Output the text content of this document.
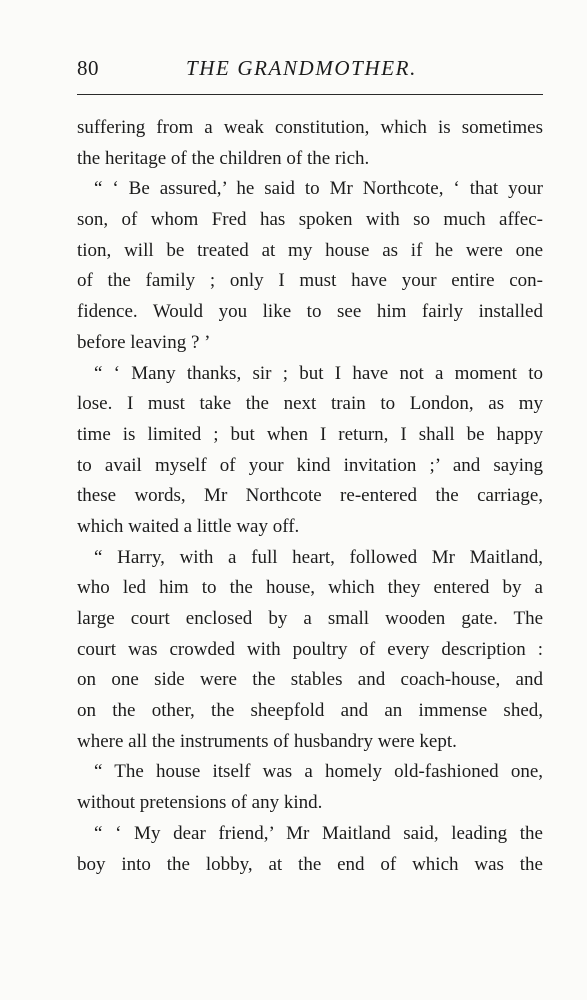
80	THE GRANDMOTHER.
suffering from a weak constitution, which is sometimes
the heritage of the children of the rich.
“ ‘ Be assured,’ he said to Mr Northcote, ‘ that your
son, of whom Fred has spoken with so much affec-
tion, will be treated at my house as if he were one
of the family ; only I must have your entire con-
fidence. Would you like to see him fairly installed
before leaving ? ’
“ ‘ Many thanks, sir ; but I have not a moment to
lose. I must take the next train to London, as my
time is limited ; but when I return, I shall be happy
to avail myself of your kind invitation ;’ and saying
these words, Mr Northcote re-entered the carriage,
which waited a little way off.
“ Harry, with a full heart, followed Mr Maitland,
who led him to the house, which they entered by a
large court enclosed by a small wooden gate. The
court was crowded with poultry of every description :
on one side were the stables and coach-house, and
on the other, the sheepfold and an immense shed,
where all the instruments of husbandry were kept.
“ The house itself was a homely old-fashioned one,
without pretensions of any kind.
“ ‘ My dear friend,’ Mr Maitland said, leading the
boy into the lobby, at the end of which was the
